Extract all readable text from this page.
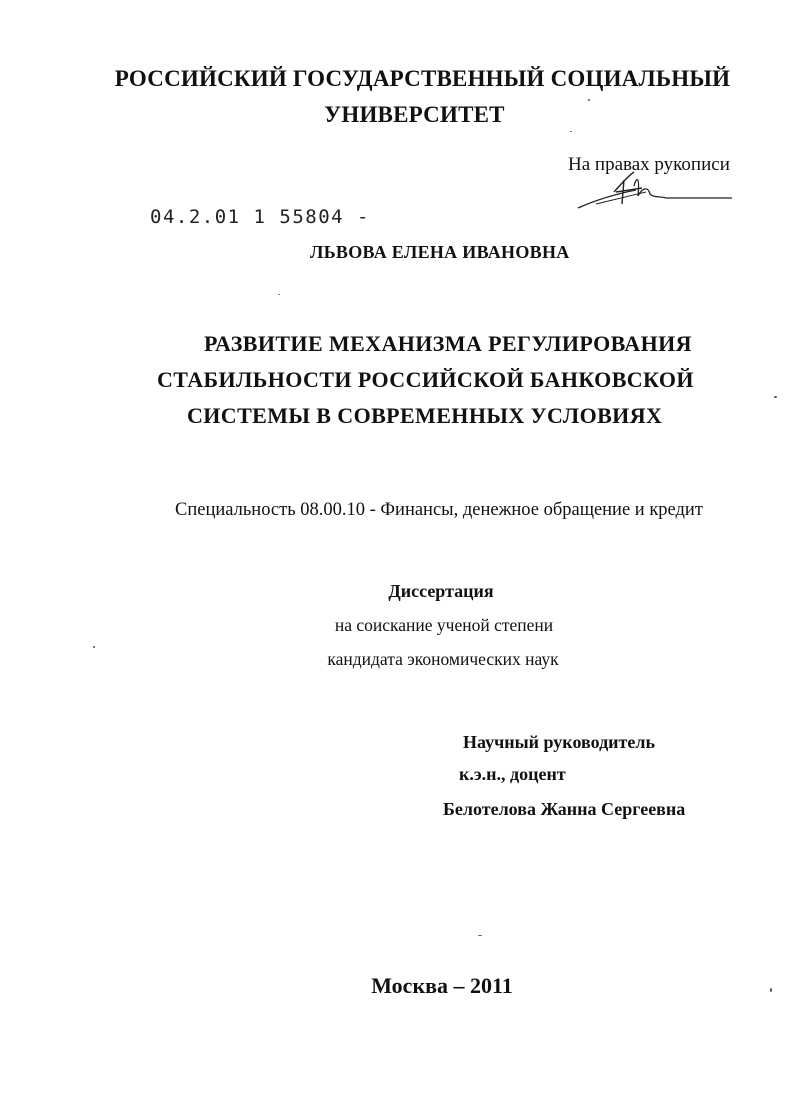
РОССИЙСКИЙ ГОСУДАРСТВЕННЫЙ СОЦИАЛЬНЫЙ
УНИВЕРСИТЕТ
На правах рукописи
04.2.01 1 55804 -
ЛЬВОВА ЕЛЕНА ИВАНОВНА
РАЗВИТИЕ МЕХАНИЗМА РЕГУЛИРОВАНИЯ
СТАБИЛЬНОСТИ РОССИЙСКОЙ БАНКОВСКОЙ
СИСТЕМЫ В СОВРЕМЕННЫХ УСЛОВИЯХ
Специальность 08.00.10 - Финансы, денежное обращение и кредит
Диссертация
на соискание ученой степени
кандидата экономических наук
Научный руководитель
к.э.н., доцент
Белотелова Жанна Сергеевна
Москва – 2011
